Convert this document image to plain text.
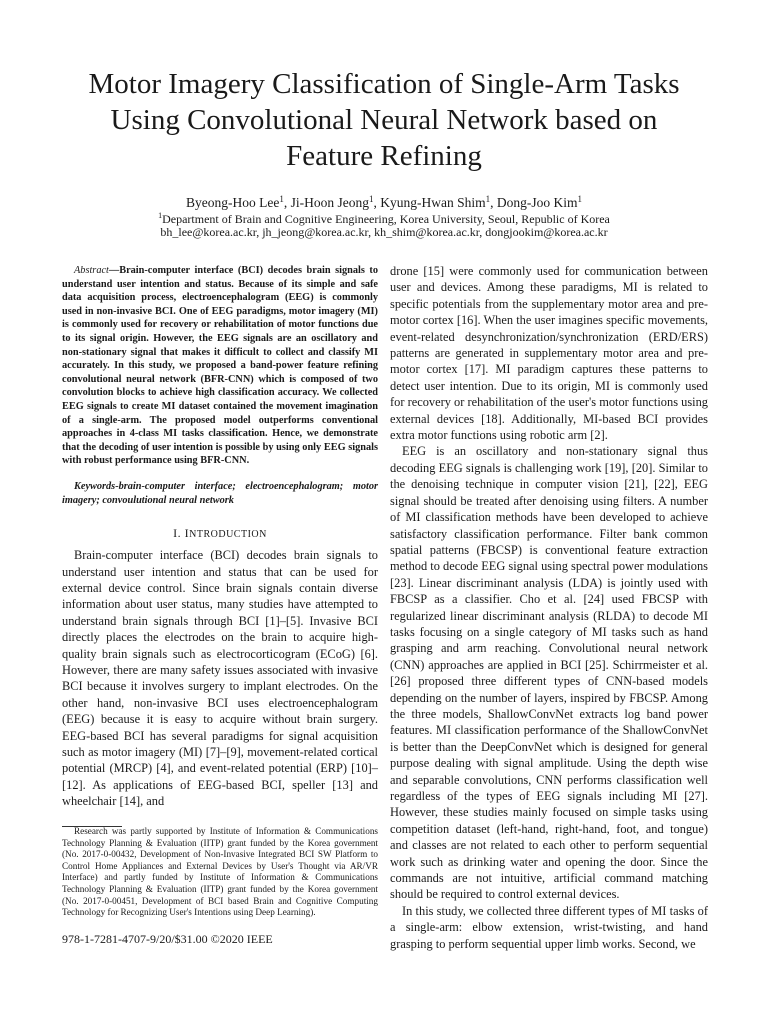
Motor Imagery Classification of Single-Arm Tasks
Using Convolutional Neural Network based on
Feature Refining
Byeong-Hoo Lee$^1$, Ji-Hoon Jeong$^1$, Kyung-Hwan Shim$^1$, Dong-Joo Kim$^1$
$^1$Department of Brain and Cognitive Engineering, Korea University, Seoul, Republic of Korea
bh_lee@korea.ac.kr, jh_jeong@korea.ac.kr, kh_shim@korea.ac.kr, dongjookim@korea.ac.kr

Abstract—Brain-computer interface (BCI) decodes brain signals to understand user intention and status. Because of its simple and safe data acquisition process, electroencephalogram (EEG) is commonly used in non-invasive BCI. One of EEG paradigms, motor imagery (MI) is commonly used for recovery or rehabilitation of motor functions due to its signal origin. However, the EEG signals are an oscillatory and non-stationary signal that makes it difficult to collect and classify MI accurately. In this study, we proposed a band-power feature refining convolutional neural network (BFR-CNN) which is composed of two convolution blocks to achieve high classification accuracy. We collected EEG signals to create MI dataset contained the movement imagination of a single-arm. The proposed model outperforms conventional approaches in 4-class MI tasks classification. Hence, we demonstrate that the decoding of user intention is possible by using only EEG signals with robust performance using BFR-CNN.

Keywords-brain-computer interface; electroencephalogram; motor imagery; convoulutional neural network

I. INTRODUCTION

Brain-computer interface (BCI) decodes brain signals to understand user intention and status that can be used for external device control. Since brain signals contain diverse information about user status, many studies have attempted to understand brain signals through BCI [1]–[5]. Invasive BCI directly places the electrodes on the brain to acquire high-quality brain signals such as electrocorticogram (ECoG) [6]. However, there are many safety issues associated with invasive BCI because it involves surgery to implant electrodes. On the other hand, non-invasive BCI uses electroencephalogram (EEG) because it is easy to acquire without brain surgery. EEG-based BCI has several paradigms for signal acquisition such as motor imagery (MI) [7]–[9], movement-related cortical potential (MRCP) [4], and event-related potential (ERP) [10]–[12]. As applications of EEG-based BCI, speller [13] and wheelchair [14], and

drone [15] were commonly used for communication between user and devices. Among these paradigms, MI is related to specific potentials from the supplementary motor area and pre-motor cortex [16]. When the user imagines specific movements, event-related desynchronization/synchronization (ERD/ERS) patterns are generated in supplementary motor area and pre-motor cortex [17]. MI paradigm captures these patterns to detect user intention. Due to its origin, MI is commonly used for recovery or rehabilitation of the user's motor functions using external devices [18]. Additionally, MI-based BCI provides extra motor functions using robotic arm [2].

EEG is an oscillatory and non-stationary signal thus decoding EEG signals is challenging work [19], [20]. Similar to the denoising technique in computer vision [21], [22], EEG signal should be treated after denoising using filters. A number of MI classification methods have been developed to achieve satisfactory classification performance. Filter bank common spatial patterns (FBCSP) is conventional feature extraction method to decode EEG signal using spectral power modulations [23]. Linear discriminant analysis (LDA) is jointly used with FBCSP as a classifier. Cho et al. [24] used FBCSP with regularized linear discriminant analysis (RLDA) to decode MI tasks focusing on a single category of MI tasks such as hand grasping and arm reaching. Convolutional neural network (CNN) approaches are applied in BCI [25]. Schirrmeister et al. [26] proposed three different types of CNN-based models depending on the number of layers, inspired by FBCSP. Among the three models, ShallowConvNet extracts log band power features. MI classification performance of the ShallowConvNet is better than the DeepConvNet which is designed for general purpose dealing with signal amplitude. Using the depth wise and separable convolutions, CNN performs classification well regardless of the types of EEG signals including MI [27]. However, these studies mainly focused on simple tasks using competition dataset (left-hand, right-hand, foot, and tongue) and classes are not related to each other to perform sequential work such as drinking water and opening the door. Since the commands are not intuitive, artificial command matching should be required to control external devices.

In this study, we collected three different types of MI tasks of a single-arm: elbow extension, wrist-twisting, and hand grasping to perform sequential upper limb works. Second, we

Research was partly supported by Institute of Information & Communications Technology Planning & Evaluation (IITP) grant funded by the Korea government (No. 2017-0-00432, Development of Non-Invasive Integrated BCI SW Platform to Control Home Appliances and External Devices by User's Thought via AR/VR Interface) and partly funded by Institute of Information & Communications Technology Planning & Evaluation (IITP) grant funded by the Korea government (No. 2017-0-00451, Development of BCI based Brain and Cognitive Computing Technology for Recognizing User's Intentions using Deep Learning).
978-1-7281-4707-9/20/$31.00 ©2020 IEEE
